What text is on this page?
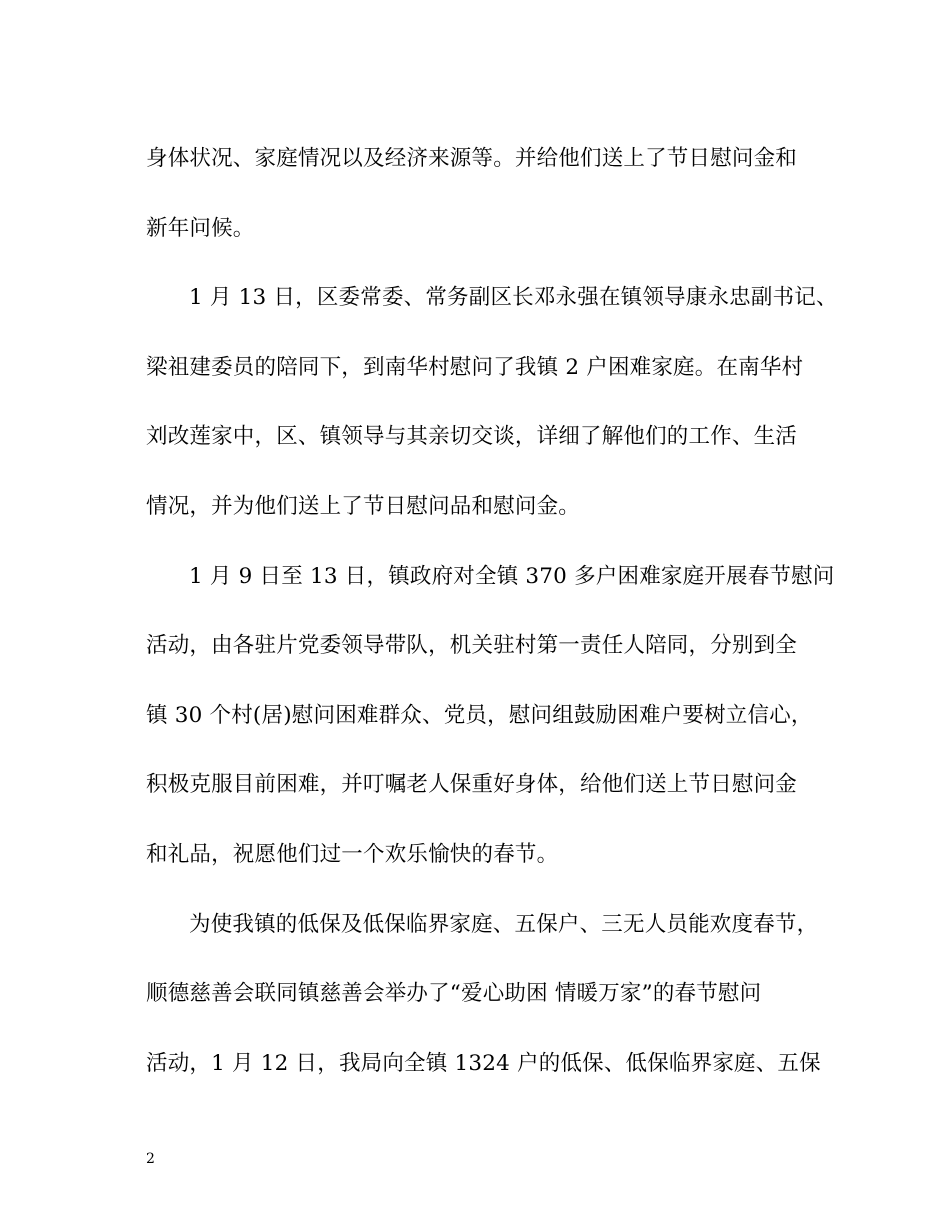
身体状况、家庭情况以及经济来源等。并给他们送上了节日慰问金和
新年问候。
1 月 13 日，区委常委、常务副区长邓永强在镇领导康永忠副书记、
梁祖建委员的陪同下，到南华村慰问了我镇 2 户困难家庭。在南华村
刘改莲家中，区、镇领导与其亲切交谈，详细了解他们的工作、生活
情况，并为他们送上了节日慰问品和慰问金。
1 月 9 日至 13 日，镇政府对全镇 370 多户困难家庭开展春节慰问
活动，由各驻片党委领导带队，机关驻村第一责任人陪同，分别到全
镇 30 个村(居)慰问困难群众、党员，慰问组鼓励困难户要树立信心，
积极克服目前困难，并叮嘱老人保重好身体，给他们送上节日慰问金
和礼品，祝愿他们过一个欢乐愉快的春节。
为使我镇的低保及低保临界家庭、五保户、三无人员能欢度春节，
顺德慈善会联同镇慈善会举办了“爱心助困 情暖万家”的春节慰问
活动，1 月 12 日，我局向全镇 1324 户的低保、低保临界家庭、五保
2
